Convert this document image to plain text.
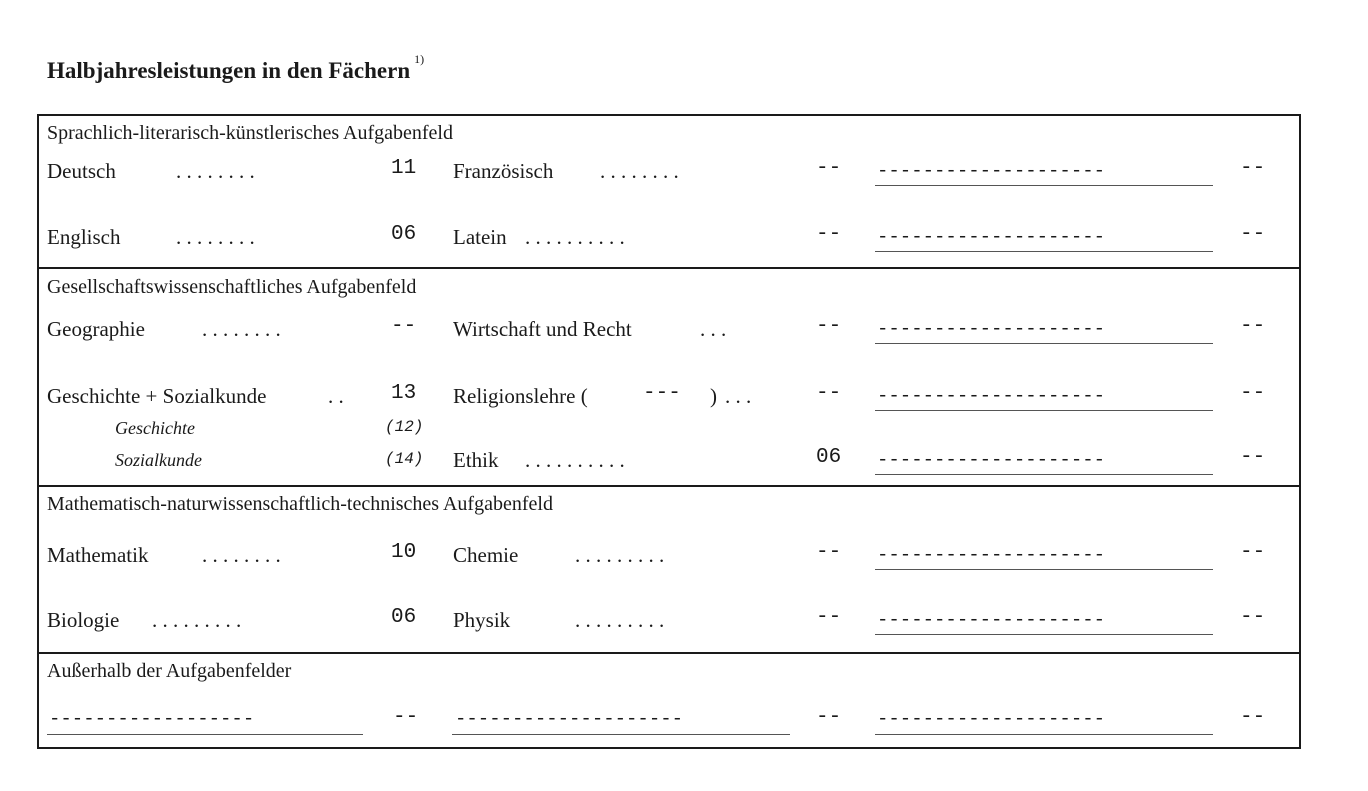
Halbjahresleistungen in den Fächern $^{1)}$
Sprachlich-literarisch-künstlerisches Aufgabenfeld
Deutsch	. . . . . . . .	11 Französisch . . . . . . . .	-- --------------------	--
Englisch	. . . . . . . .	06 Latein . . . . . . . . . .	-- --------------------	--
Gesellschaftswissenschaftliches Aufgabenfeld
Geographie	. . . . . . . .	-- Wirtschaft und Recht	. . .	-- --------------------	--
Geschichte + Sozialkunde	. . 13 Religionslehre (	--- ) . . .	-- --------------------	--
Geschichte	(12)
Sozialkunde	(14) Ethik . . . . . . . . . .	06 --------------------	--
Mathematisch-naturwissenschaftlich-technisches Aufgabenfeld
Mathematik	. . . . . . . .	10 Chemie	. . . . . . . . .	-- --------------------	--
Biologie . . . . . . . . .	06 Physik	. . . . . . . . .	-- --------------------	--
Außerhalb der Aufgabenfelder
------------------	-- --------------------	-- --------------------	--
